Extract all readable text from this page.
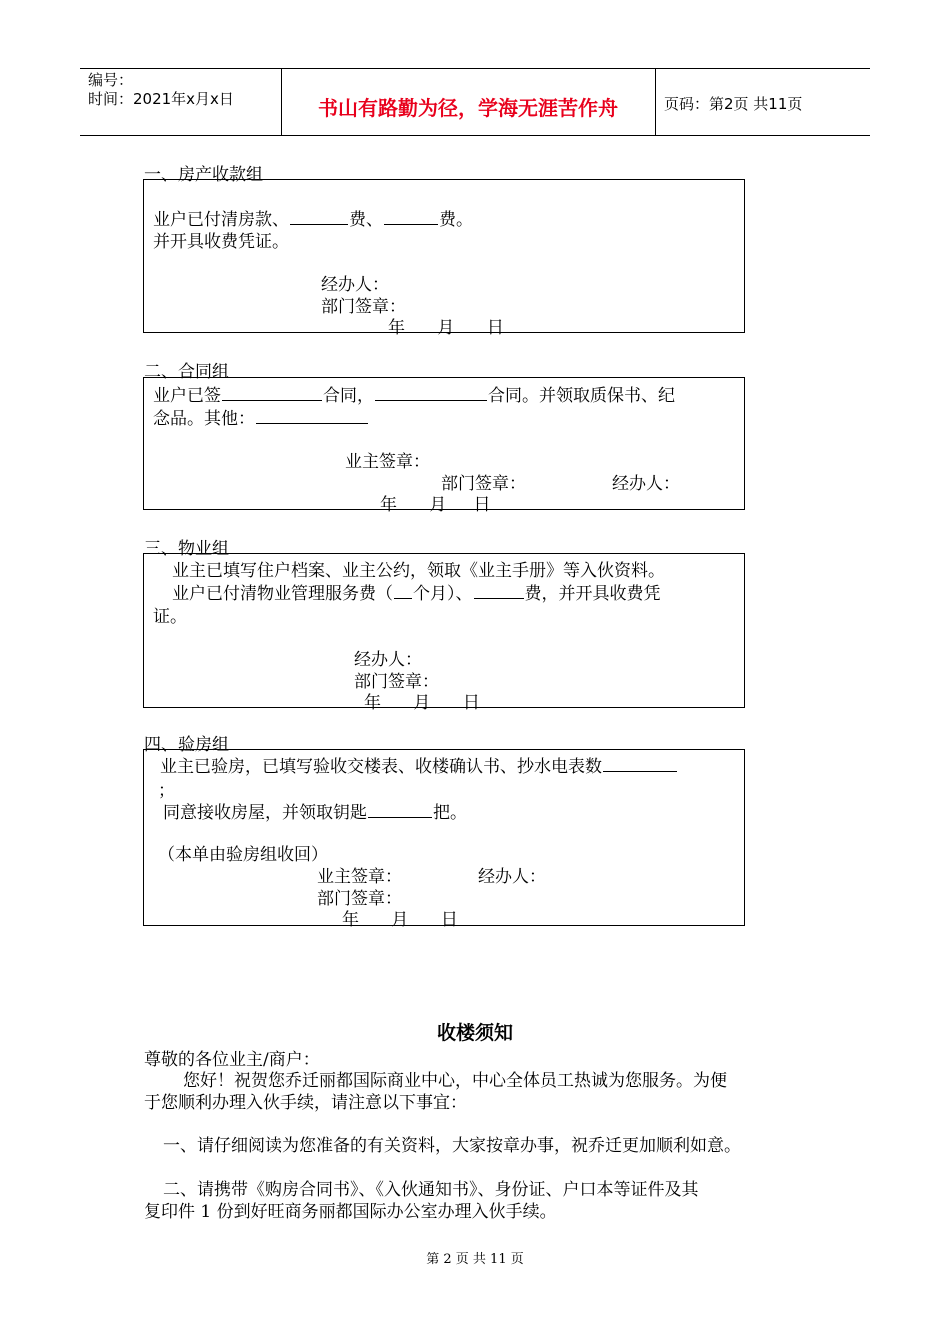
编号：
时间：2021年x月x日	书山有路勤为径，学海无涯苦作舟	页码：第2页 共11页
一、房产收款组
业户已付清房款、	费、	费。
并开具收费凭证。
经办人：
部门签章：
年      月      日
二、合同组
业户已签	合同，	合同。并领取质保书、纪
念品。其他：
业主签章：
部门签章：	经办人：
年      月     日
三、物业组
业主已填写住户档案、业主公约，领取《业主手册》等入伙资料。
业户已付清物业管理服务费（ 个月）、	费，并开具收费凭
证。
经办人：
部门签章：
年      月      日
四、验房组
业主已验房，已填写验收交楼表、收楼确认书、抄水电表数
；
同意接收房屋，并领取钥匙	把。
（本单由验房组收回）
业主签章：	经办人：
部门签章：
年      月      日
收楼须知
尊敬的各位业主/商户：
您好！祝贺您乔迁丽都国际商业中心，中心全体员工热诚为您服务。为便
于您顺利办理入伙手续，请注意以下事宜：
一、请仔细阅读为您准备的有关资料，大家按章办事，祝乔迁更加顺利如意。
二、请携带《购房合同书》、《入伙通知书》、身份证、户口本等证件及其
复印件 1 份到好旺商务丽都国际办公室办理入伙手续。
第 2 页 共 11 页
